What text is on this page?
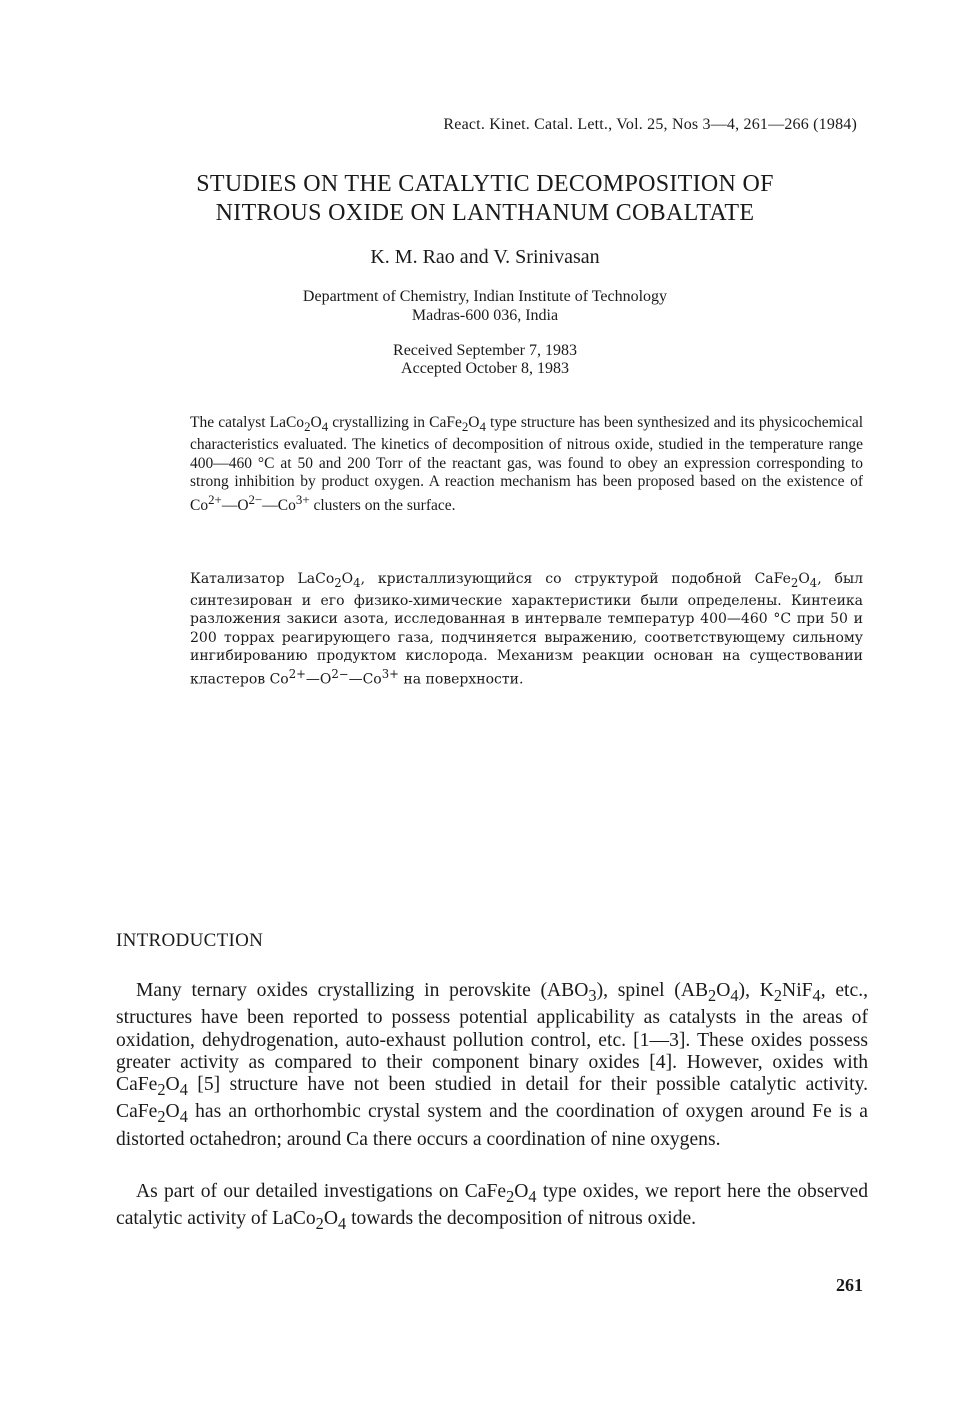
React. Kinet. Catal. Lett., Vol. 25, Nos 3—4, 261—266 (1984)
STUDIES ON THE CATALYTIC DECOMPOSITION OF
NITROUS OXIDE ON LANTHANUM COBALTATE
K. M. Rao and V. Srinivasan
Department of Chemistry, Indian Institute of Technology
Madras-600 036, India
Received September 7, 1983
Accepted October 8, 1983

The catalyst $LaCo_2O_4$ crystallizing in $CaFe_2O_4$ type structure has been synthesized and its physicochemical characteristics evaluated. The kinetics of decomposition of nitrous oxide, studied in the temperature range 400—460 °C at 50 and 200 Torr of the reactant gas, was found to obey an expression corresponding to strong inhibition by product oxygen. A reaction mechanism has been proposed based on the existence of $Co^{2+}—O^{2-}—Co^{3+}$ clusters on the surface.

Катализатор $LaCo_2O_4$, кристаллизующийся со структурой подобной $CaFe_2O_4$, был синтезирован и его физико-химические характеристики были определены. Кинтеика разложения закиси азота, исследованная в интервале температур 400—460 °C при 50 и 200 торрах реагирующего газа, подчиняется выражению, соответствующему сильному ингибированию продуктом кислорода. Механизм реакции основан на существовании кластеров $Co^{2+}—O^{2-}—Co^{3+}$ на поверхности.

INTRODUCTION

Many ternary oxides crystallizing in perovskite $(ABO_3)$, spinel $(AB_2O_4)$, $K_2NiF_4$, etc., structures have been reported to possess potential applicability as catalysts in the areas of oxidation, dehydrogenation, auto-exhaust pollution control, etc. [1—3]. These oxides possess greater activity as compared to their component binary oxides [4]. However, oxides with $CaFe_2O_4$ [5] structure have not been studied in detail for their possible catalytic activity. $CaFe_2O_4$ has an orthorhombic crystal system and the coordination of oxygen around Fe is a distorted octahedron; around Ca there occurs a coordination of nine oxygens.

As part of our detailed investigations on $CaFe_2O_4$ type oxides, we report here the observed catalytic activity of $LaCo_2O_4$ towards the decomposition of nitrous oxide.

261
